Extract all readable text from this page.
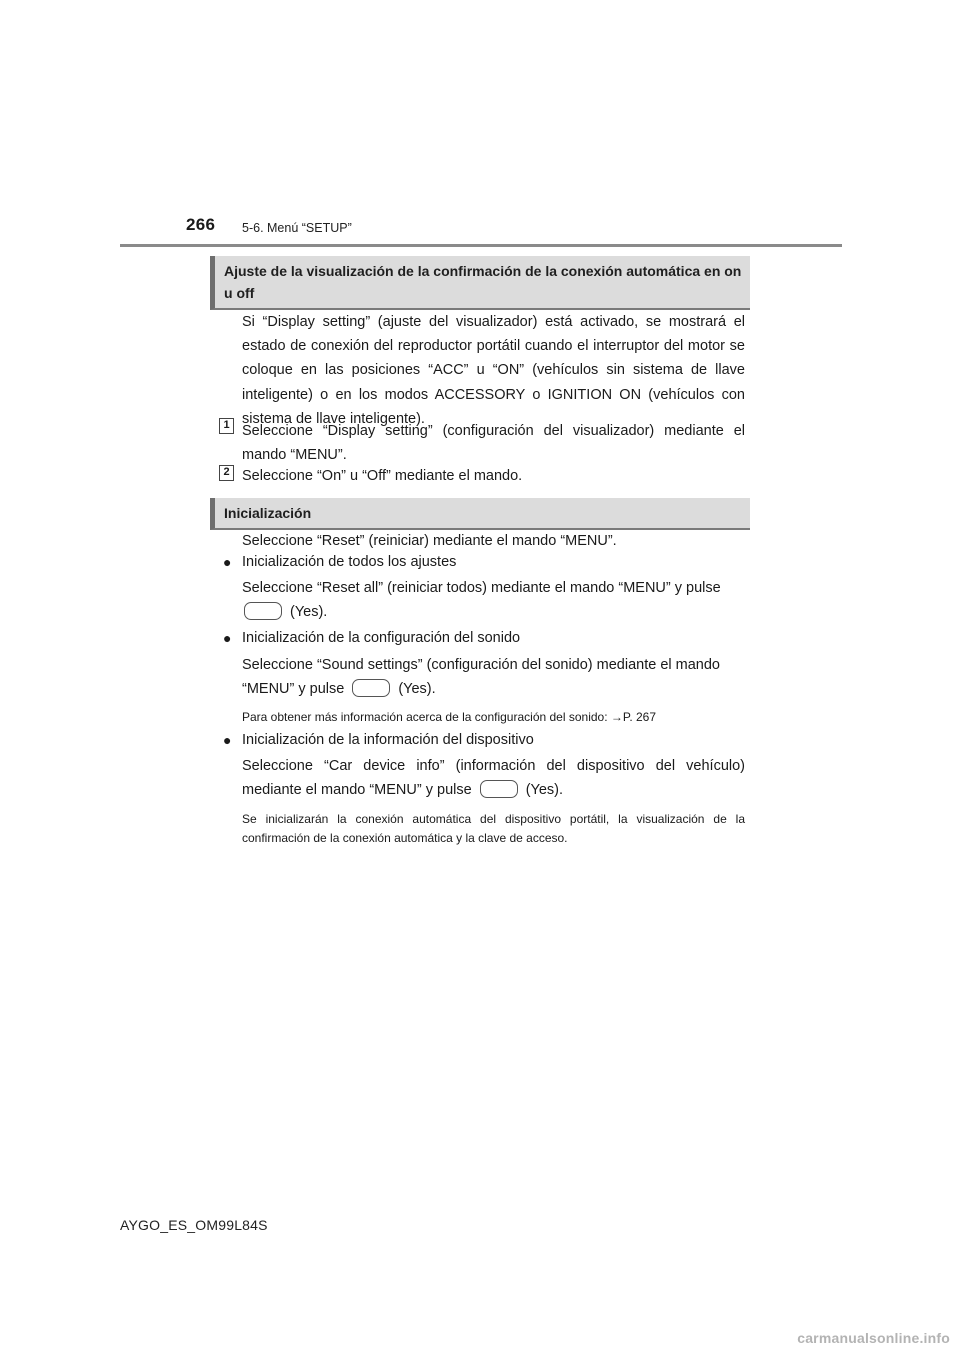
266 5-6. Menú “SETUP”
Ajuste de la visualización de la confirmación de la conexión automática en on u off
Si “Display setting” (ajuste del visualizador) está activado, se mostrará el estado de conexión del reproductor portátil cuando el interruptor del motor se coloque en las posiciones “ACC” u “ON” (vehículos sin sistema de llave inteligente) o en los modos ACCESSORY o IGNITION ON (vehículos con sistema de llave inteligente).
1 Seleccione “Display setting” (configuración del visualizador) mediante el mando “MENU”.
2 Seleccione “On” u “Off” mediante el mando.
Inicialización
Seleccione “Reset” (reiniciar) mediante el mando “MENU”.
● Inicialización de todos los ajustes
Seleccione “Reset all” (reiniciar todos) mediante el mando “MENU” y pulse
(Yes).
● Inicialización de la configuración del sonido
Seleccione “Sound settings” (configuración del sonido) mediante el mando
“MENU” y pulse	(Yes).
Para obtener más información acerca de la configuración del sonido: →P. 267
● Inicialización de la información del dispositivo
Seleccione “Car device info” (información del dispositivo del vehículo)
mediante el mando “MENU” y pulse	(Yes).
Se inicializarán la conexión automática del dispositivo portátil, la visualización de la confirmación de la conexión automática y la clave de acceso.
AYGO_ES_OM99L84S
carmanualsonline.info
